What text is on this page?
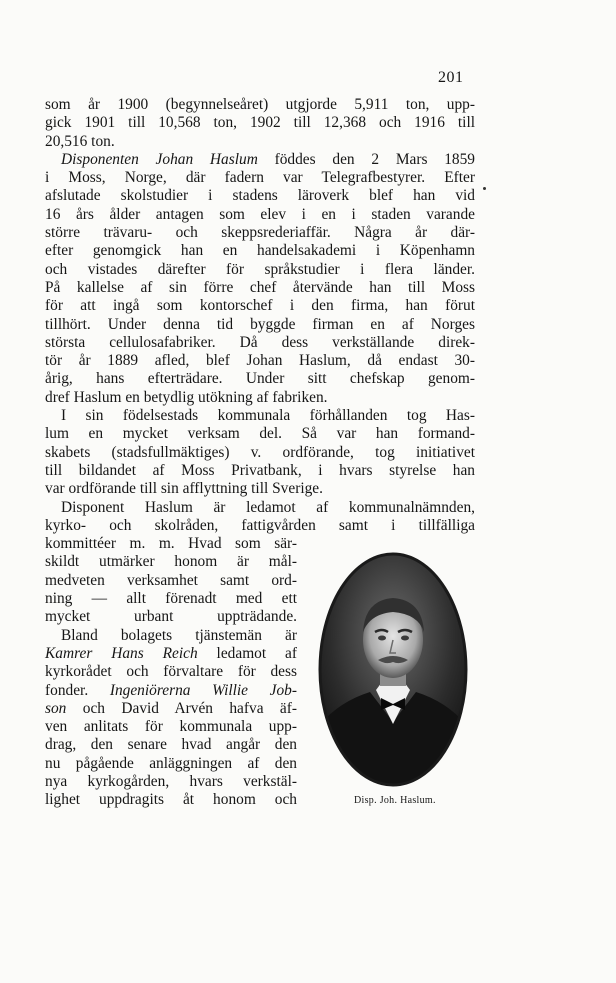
201
som år 1900 (begynnelseåret) utgjorde 5,911 ton, upp-
gick 1901 till 10,568 ton, 1902 till 12,368 och 1916 till
20,516 ton.
Disponenten Johan Haslum föddes den 2 Mars 1859
i Moss, Norge, där fadern var Telegrafbestyrer. Efter
afslutade skolstudier i stadens läroverk blef han vid
16 års ålder antagen som elev i en i staden varande
större trävaru- och skeppsrederiaffär. Några år där-
efter genomgick han en handelsakademi i Köpenhamn
och vistades därefter för språkstudier i flera länder.
På kallelse af sin förre chef återvände han till Moss
för att ingå som kontorschef i den firma, han förut
tillhört. Under denna tid byggde firman en af Norges
största cellulosafabriker. Då dess verkställande direk-
tör år 1889 afled, blef Johan Haslum, då endast 30-
årig, hans efterträdare. Under sitt chefskap genom-
dref Haslum en betydlig utökning af fabriken.
I sin födelsestads kommunala förhållanden tog Has-
lum en mycket verksam del. Så var han formand-
skabets (stadsfullmäktiges) v. ordförande, tog initiativet
till bildandet af Moss Privatbank, i hvars styrelse han
var ordförande till sin afflyttning till Sverige.
Disponent Haslum är ledamot af kommunalnämnden,
kyrko- och skolråden, fattigvården samt i tillfälliga
kommittéer m. m. Hvad som sär-
skildt utmärker honom är mål-
medveten verksamhet samt ord-
ning — allt förenadt med ett
mycket urbant uppträdande.
Bland bolagets tjänstemän är
Kamrer Hans Reich ledamot af
kyrkorådet och förvaltare för dess
fonder. Ingeniörerna Willie Job-
son och David Arvén hafva äf-
ven anlitats för kommunala upp-
drag, den senare hvad angår den
nu pågående anläggningen af den
nya kyrkogården, hvars verkstäl-
lighet uppdragits åt honom och	Disp. Joh. Haslum.
